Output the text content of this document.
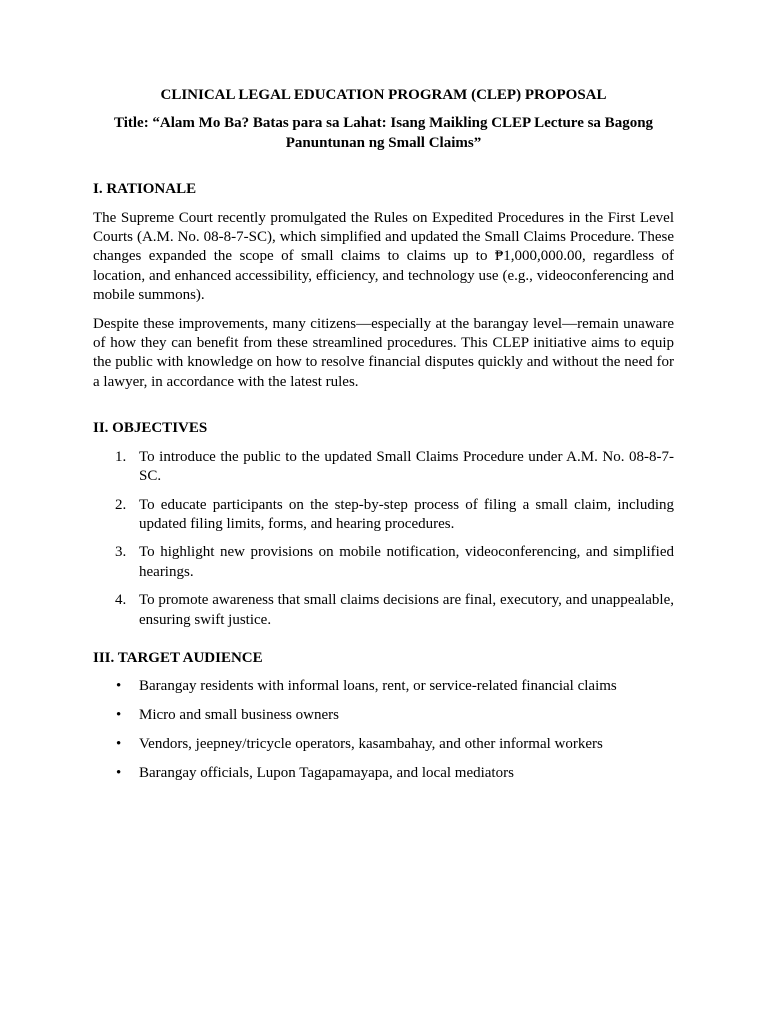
CLINICAL LEGAL EDUCATION PROGRAM (CLEP) PROPOSAL
Title: “Alam Mo Ba? Batas para sa Lahat: Isang Maikling CLEP Lecture sa Bagong Panuntunan ng Small Claims”
I. RATIONALE

The Supreme Court recently promulgated the Rules on Expedited Procedures in the First Level Courts (A.M. No. 08-8-7-SC), which simplified and updated the Small Claims Procedure. These changes expanded the scope of small claims to claims up to ₱1,000,000.00, regardless of location, and enhanced accessibility, efficiency, and technology use (e.g., videoconferencing and mobile summons).

Despite these improvements, many citizens—especially at the barangay level—remain unaware of how they can benefit from these streamlined procedures. This CLEP initiative aims to equip the public with knowledge on how to resolve financial disputes quickly and without the need for a lawyer, in accordance with the latest rules.

II. OBJECTIVES
1. To introduce the public to the updated Small Claims Procedure under A.M. No. 08-8-7-SC.
2. To educate participants on the step-by-step process of filing a small claim, including updated filing limits, forms, and hearing procedures.
3. To highlight new provisions on mobile notification, videoconferencing, and simplified hearings.
4. To promote awareness that small claims decisions are final, executory, and unappealable, ensuring swift justice.
III. TARGET AUDIENCE
• Barangay residents with informal loans, rent, or service-related financial claims
• Micro and small business owners
• Vendors, jeepney/tricycle operators, kasambahay, and other informal workers
• Barangay officials, Lupon Tagapamayapa, and local mediators
